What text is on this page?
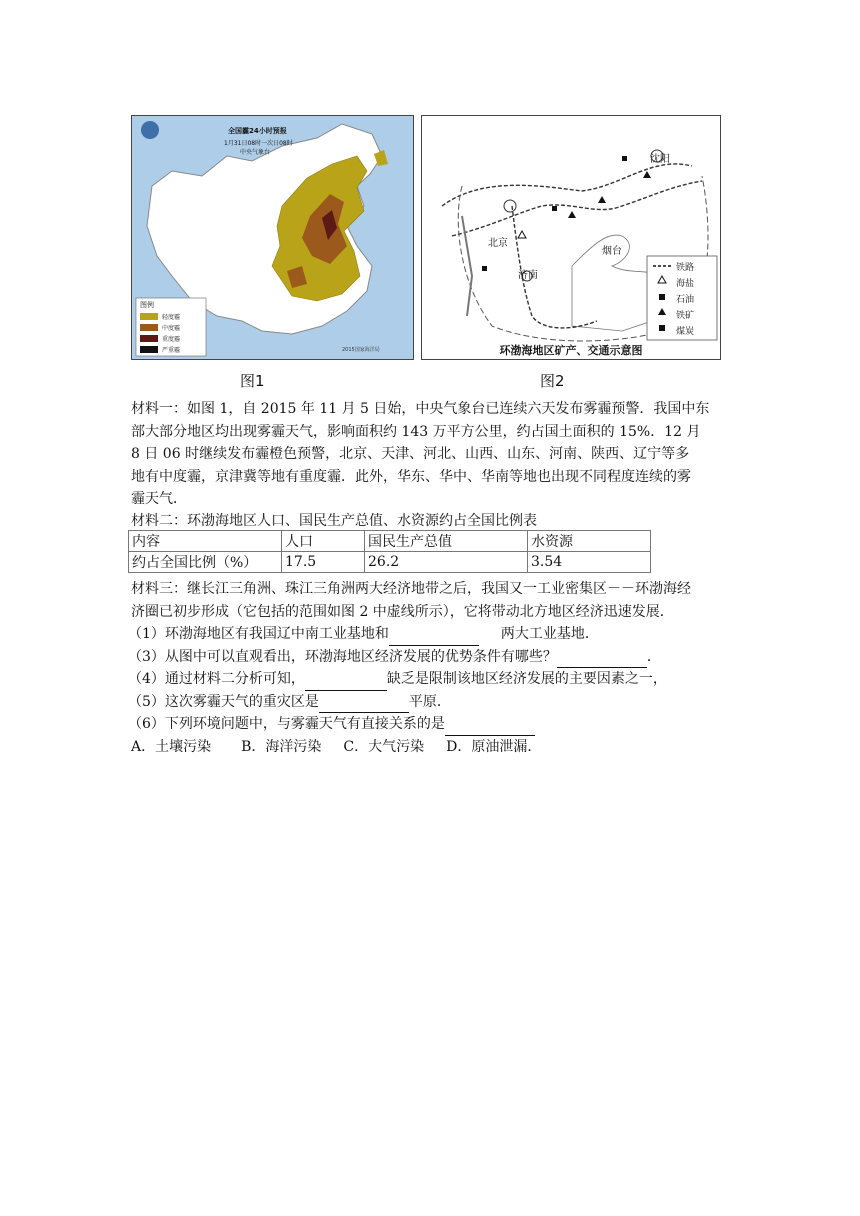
全国霾24小时预报
1月31日08时一次日08时
中央气象台
图例
轻度霾
中度霾
重度霾
严重霾	2015国家海洋局
北京
沈阳
济南
烟台
铁路
海盐
石油
铁矿
煤炭
环渤海地区矿产、交通示意图
图1	图2
材料一：如图 1，自 2015 年 11 月 5 日始，中央气象台已连续六天发布雾霾预警．我国中东
部大部分地区均出现雾霾天气，影响面积约 143 万平方公里，约占国土面积的 15%．12 月
8 日 06 时继续发布霾橙色预警，北京、天津、河北、山西、山东、河南、陕西、辽宁等多
地有中度霾，京津冀等地有重度霾．此外，华东、华中、华南等地也出现不同程度连续的雾
霾天气．
材料二：环渤海地区人口、国民生产总值、水资源约占全国比例表
内容	人口	国民生产总值	水资源
约占全国比例（%）	17.5	26.2	3.54
材料三：继长江三角洲、珠江三角洲两大经济地带之后，我国又一工业密集区－－环渤海经
济圈已初步形成（它包括的范围如图 2 中虚线所示），它将带动北方地区经济迅速发展．
（1）环渤海地区有我国辽中南工业基地和	两大工业基地．
（3）从图中可以直观看出，环渤海地区经济发展的优势条件有哪些？	．
（4）通过材料二分析可知，	缺乏是限制该地区经济发展的主要因素之一，
（5）这次雾霾天气的重灾区是	平原．
（6）下列环境问题中，与雾霾天气有直接关系的是
A．土壤污染 B．海洋污染 C．大气污染 D．原油泄漏．
